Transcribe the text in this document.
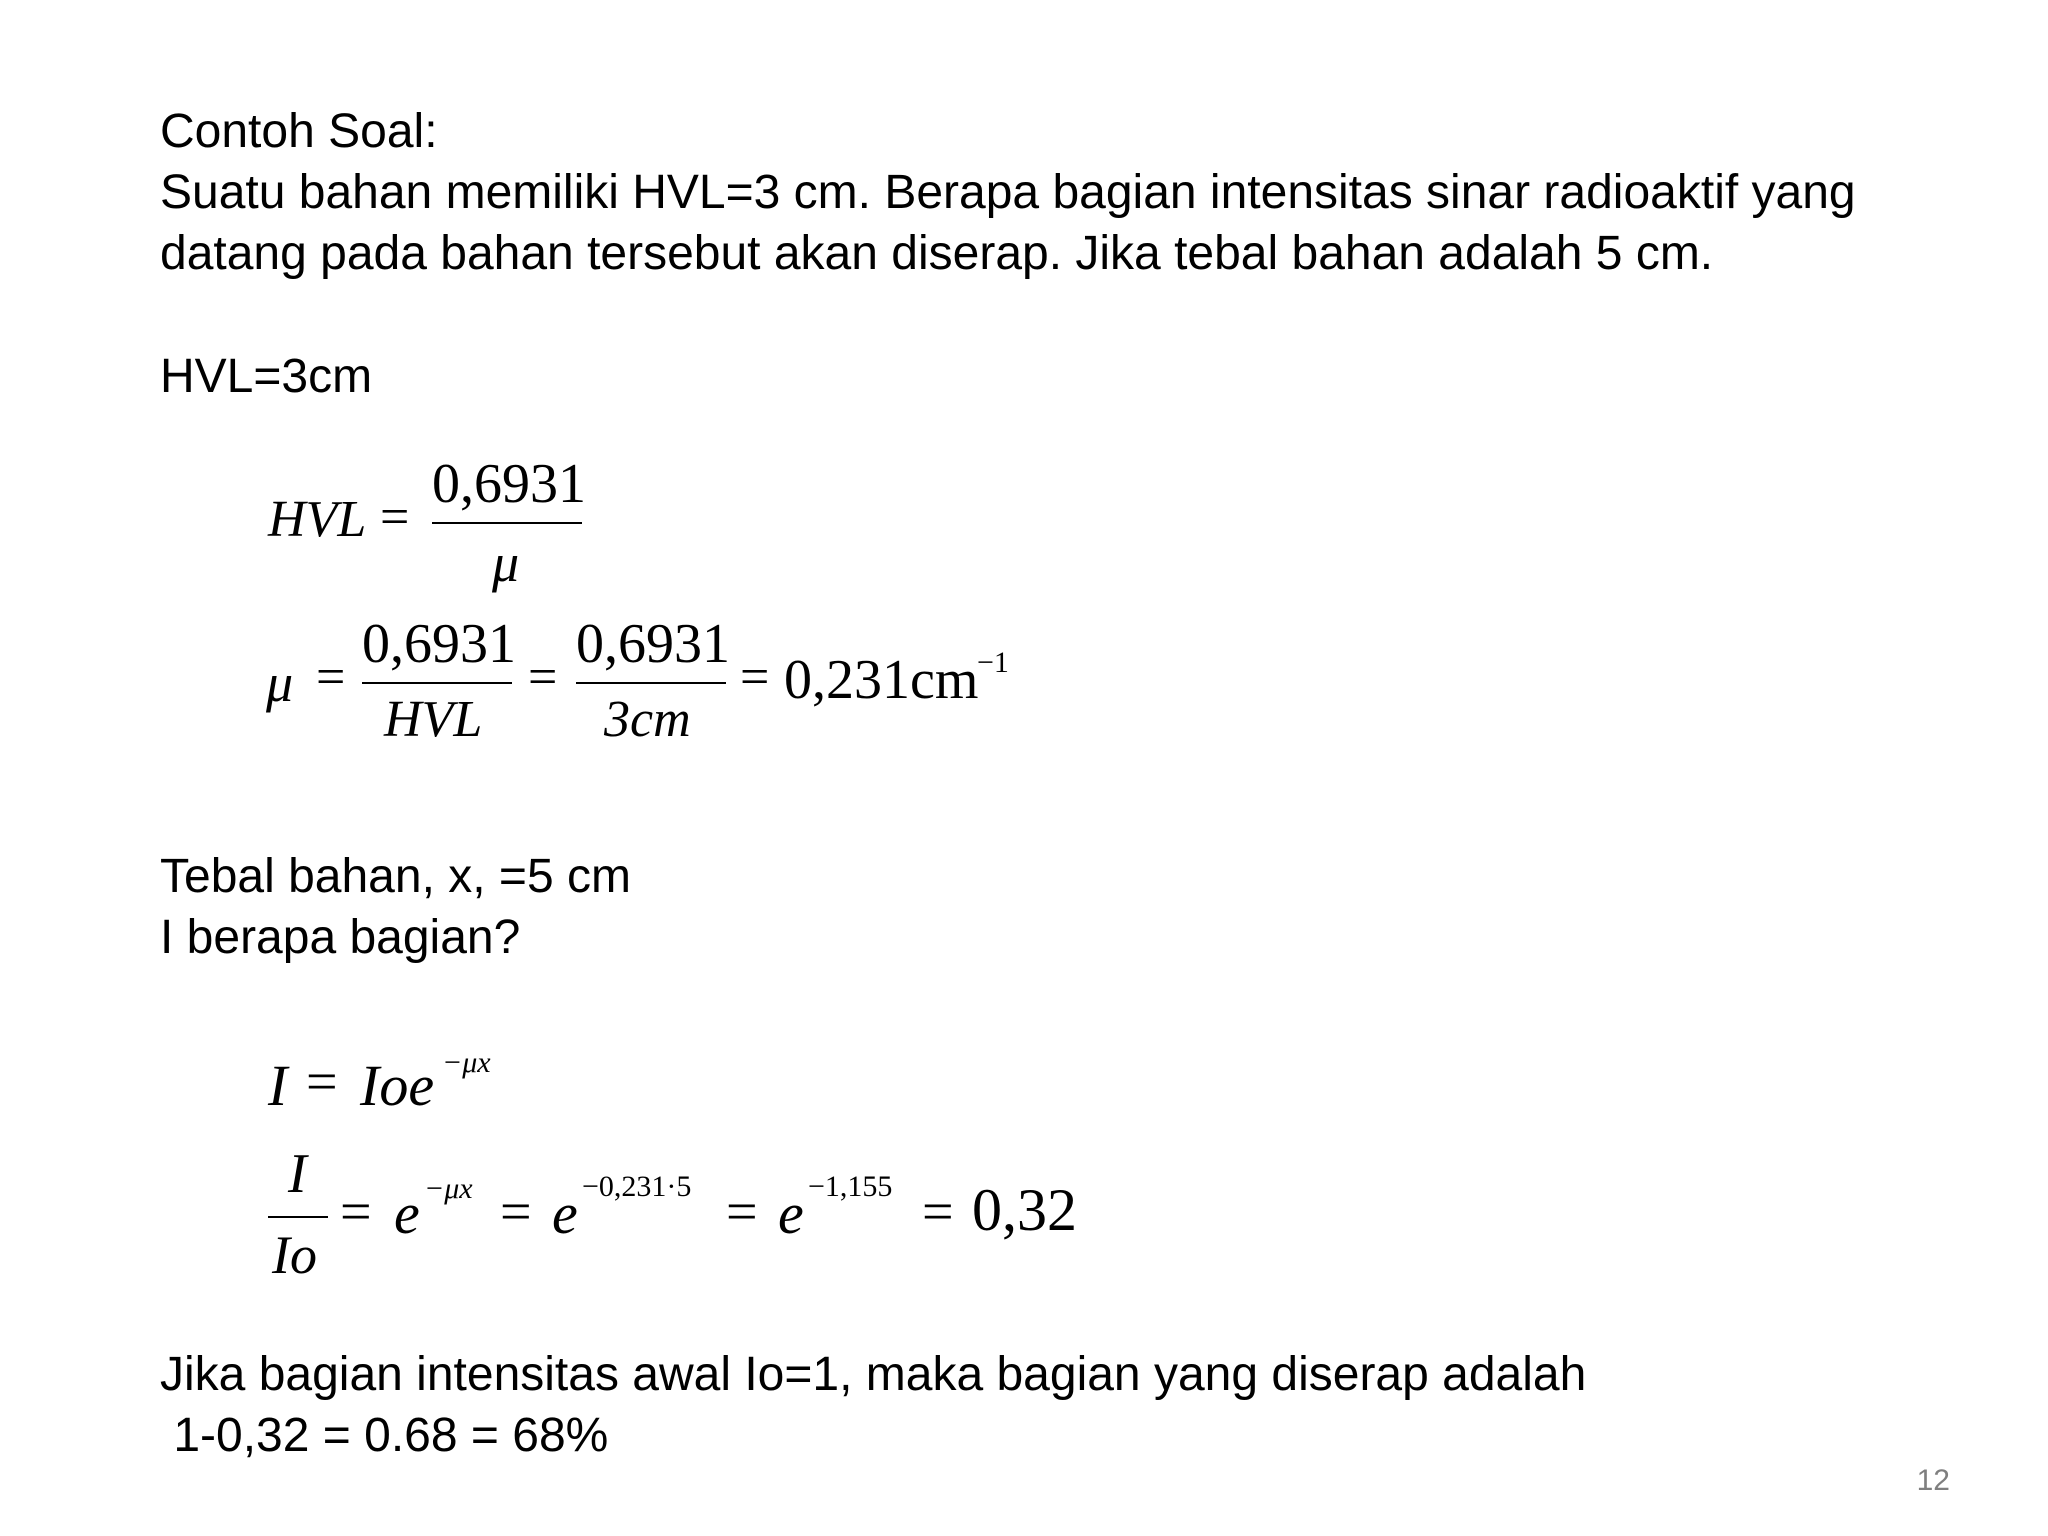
Contoh Soal:
Suatu bahan memiliki HVL=3 cm. Berapa bagian intensitas sinar radioaktif yang
datang pada bahan tersebut akan diserap. Jika tebal bahan adalah 5 cm.
HVL=3cm
HVL =
0,6931
μ
μ =
0,6931
HVL
=
0,6931
3cm
= 0,231cm
−1
Tebal bahan, x, =5 cm
I berapa bagian?
I = Ioe −μx
I
Io
= e −μx = e −0,231·5 = e −1,155 = 0,32
Jika bagian intensitas awal Io=1, maka bagian yang diserap adalah
1-0,32 = 0.68 = 68%
12
